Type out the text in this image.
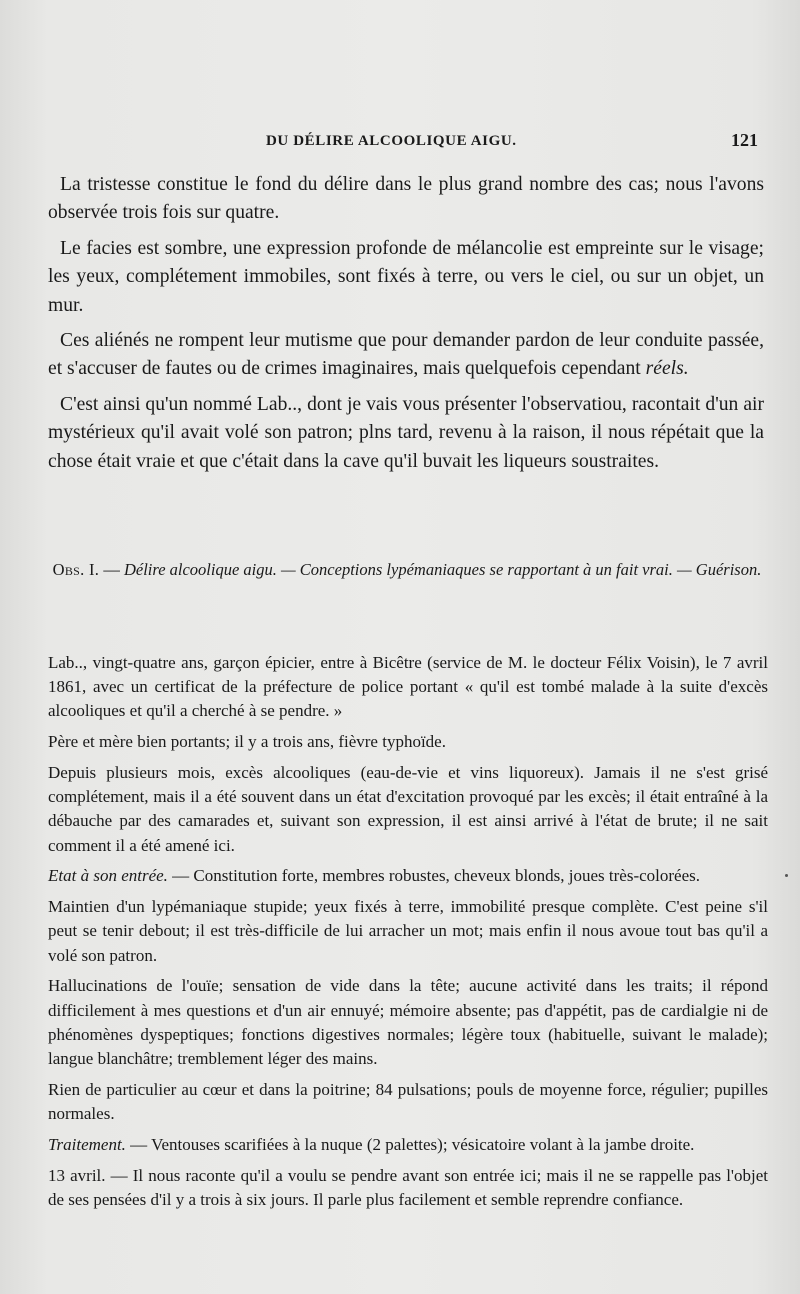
DU DÉLIRE ALCOOLIQUE AIGU.	121

La tristesse constitue le fond du délire dans le plus grand nombre des cas; nous l'avons observée trois fois sur quatre.

Le facies est sombre, une expression profonde de mélancolie est empreinte sur le visage; les yeux, complétement immobiles, sont fixés à terre, ou vers le ciel, ou sur un objet, un mur.

Ces aliénés ne rompent leur mutisme que pour demander pardon de leur conduite passée, et s'accuser de fautes ou de crimes imaginaires, mais quelquefois cependant réels.

C'est ainsi qu'un nommé Lab.., dont je vais vous présenter l'observatiou, racontait d'un air mystérieux qu'il avait volé son patron; plns tard, revenu à la raison, il nous répétait que la chose était vraie et que c'était dans la cave qu'il buvait les liqueurs soustraites.

Obs. I. — Délire alcoolique aigu. — Conceptions lypémaniaques se rapportant à un fait vrai. — Guérison.

Lab.., vingt-quatre ans, garçon épicier, entre à Bicêtre (service de M. le docteur Félix Voisin), le 7 avril 1861, avec un certificat de la préfecture de police portant « qu'il est tombé malade à la suite d'excès alcooliques et qu'il a cherché à se pendre. »

Père et mère bien portants; il y a trois ans, fièvre typhoïde.

Depuis plusieurs mois, excès alcooliques (eau-de-vie et vins liquoreux). Jamais il ne s'est grisé complétement, mais il a été souvent dans un état d'excitation provoqué par les excès; il était entraîné à la débauche par des camarades et, suivant son expression, il est ainsi arrivé à l'état de brute; il ne sait comment il a été amené ici.

Etat à son entrée. — Constitution forte, membres robustes, cheveux blonds, joues très-colorées.

Maintien d'un lypémaniaque stupide; yeux fixés à terre, immobilité presque complète. C'est peine s'il peut se tenir debout; il est très-difficile de lui arracher un mot; mais enfin il nous avoue tout bas qu'il a volé son patron.

Hallucinations de l'ouïe; sensation de vide dans la tête; aucune activité dans les traits; il répond difficilement à mes questions et d'un air ennuyé; mémoire absente; pas d'appétit, pas de cardialgie ni de phénomènes dyspeptiques; fonctions digestives normales; légère toux (habituelle, suivant le malade); langue blanchâtre; tremblement léger des mains.

Rien de particulier au cœur et dans la poitrine; 84 pulsations; pouls de moyenne force, régulier; pupilles normales.

Traitement. — Ventouses scarifiées à la nuque (2 palettes); vésicatoire volant à la jambe droite.

13 avril. — Il nous raconte qu'il a voulu se pendre avant son entrée ici; mais il ne se rappelle pas l'objet de ses pensées d'il y a trois à six jours. Il parle plus facilement et semble reprendre confiance.
